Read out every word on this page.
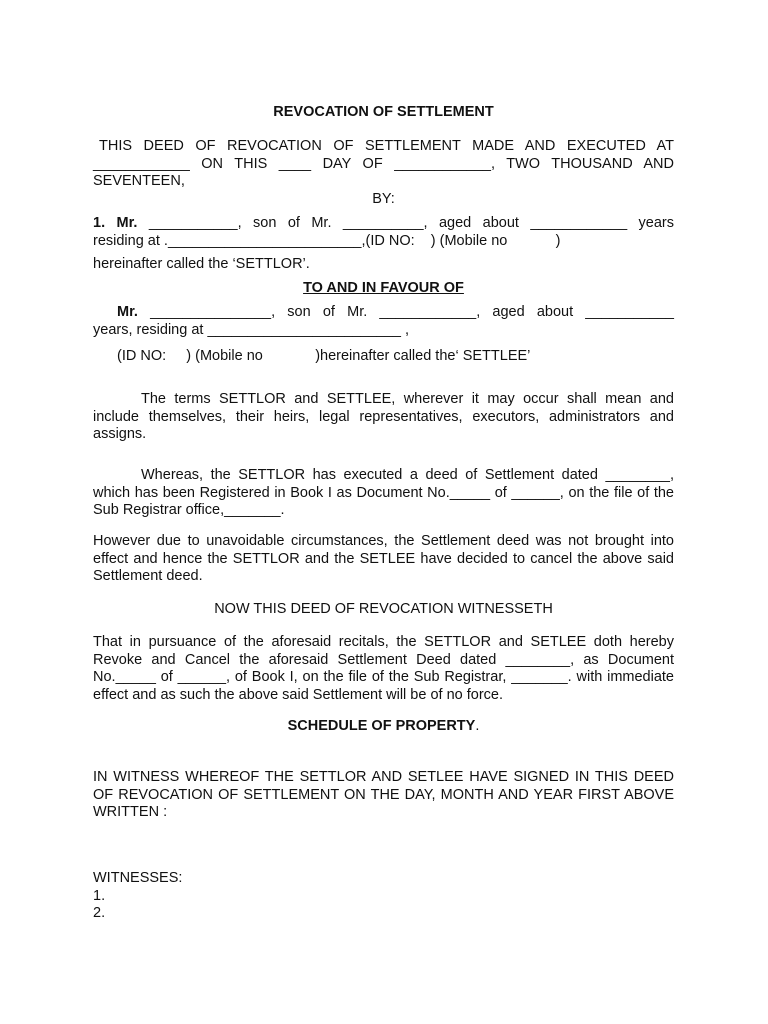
REVOCATION OF SETTLEMENT
THIS DEED OF REVOCATION OF SETTLEMENT MADE AND EXECUTED AT
____________ ON THIS ____ DAY OF ____________, TWO THOUSAND AND
SEVENTEEN,
BY:
1. Mr. ___________, son of Mr. __________, aged about ____________ years
residing at .________________________,(ID NO:    ) (Mobile no            )
hereinafter called the ‘SETTLOR’.
TO AND IN FAVOUR OF
Mr. _______________, son of Mr. ____________, aged about ___________
years, residing at ________________________ ,
(ID NO:     ) (Mobile no             )hereinafter called the‘ SETTLEE’
The terms SETTLOR and SETTLEE, wherever it may occur shall mean and include themselves, their heirs, legal representatives, executors, administrators and assigns.
Whereas, the SETTLOR has executed a deed of Settlement dated ________, which has been Registered in Book I as Document No._____ of ______, on the file of the Sub Registrar office,_______.
However due to unavoidable circumstances, the Settlement deed was not brought into effect and hence the SETTLOR and the SETLEE have decided to cancel the above said Settlement deed.
NOW THIS DEED OF REVOCATION WITNESSETH
That in pursuance of the aforesaid recitals, the SETTLOR and SETLEE doth hereby Revoke and Cancel the aforesaid Settlement Deed dated ________, as Document No._____ of ______, of Book I, on the file of the Sub Registrar, _______. with immediate effect and as such the above said Settlement will be of no force.
SCHEDULE OF PROPERTY.
IN WITNESS WHEREOF THE SETTLOR AND SETLEE HAVE SIGNED IN THIS DEED OF REVOCATION OF SETTLEMENT ON THE DAY, MONTH AND YEAR FIRST ABOVE WRITTEN :
WITNESSES:
1.
2.
